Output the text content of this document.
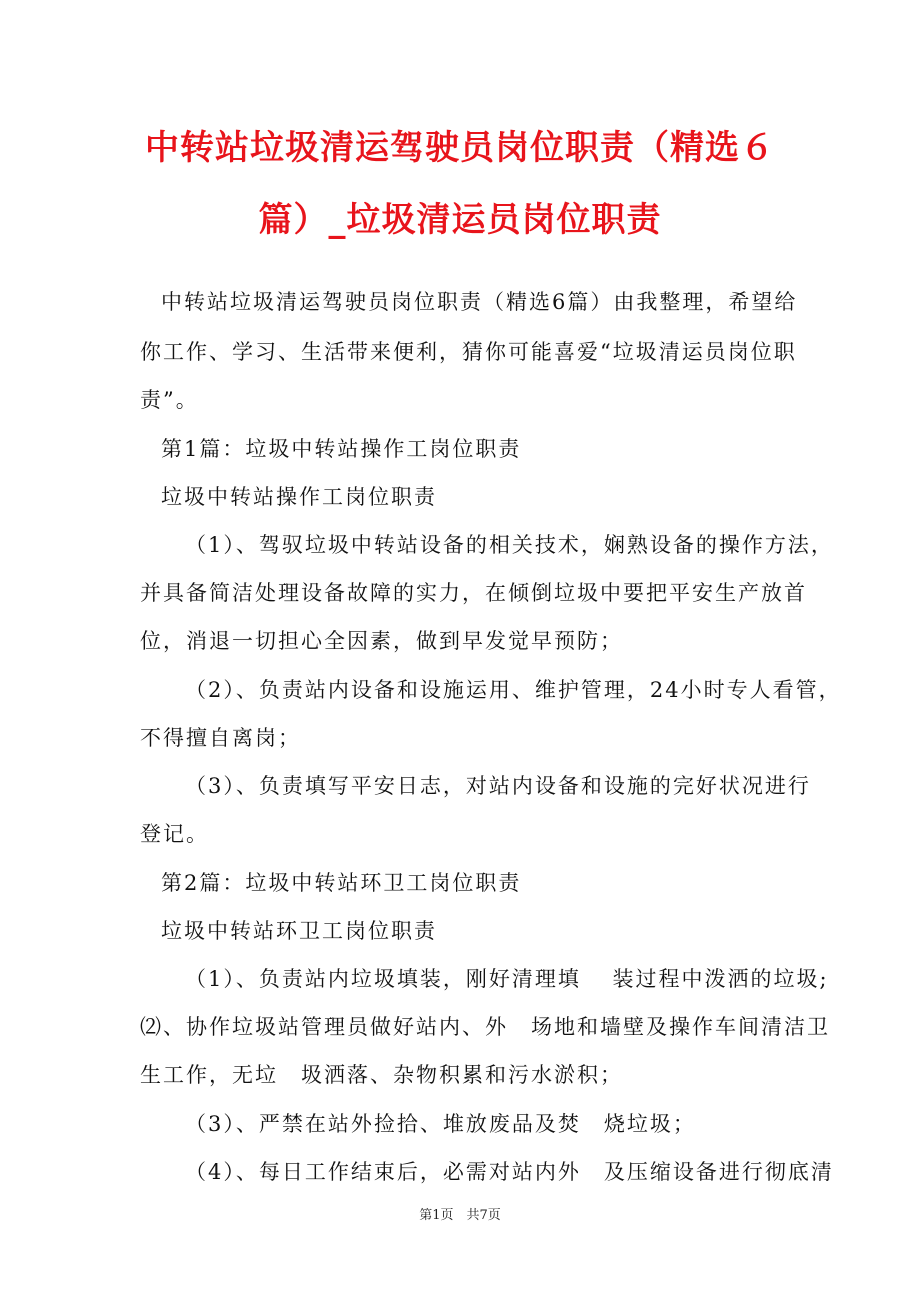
中转站垃圾清运驾驶员岗位职责（精选６
篇）_垃圾清运员岗位职责
中转站垃圾清运驾驶员岗位职责（精选6篇）由我整理，希望给
你工作、学习、生活带来便利，猜你可能喜爱“垃圾清运员岗位职
责”。
第1篇：垃圾中转站操作工岗位职责
垃圾中转站操作工岗位职责
（1）、驾驭垃圾中转站设备的相关技术，娴熟设备的操作方法，
并具备简洁处理设备故障的实力，在倾倒垃圾中要把平安生产放首
位，消退一切担心全因素，做到早发觉早预防；
（2）、负责站内设备和设施运用、维护管理，24小时专人看管，
不得擅自离岗；
（3）、负责填写平安日志，对站内设备和设施的完好状况进行
登记。
第2篇：垃圾中转站环卫工岗位职责
垃圾中转站环卫工岗位职责
（1）、负责站内垃圾填装，刚好清理填　 装过程中泼洒的垃圾;
⑵、协作垃圾站管理员做好站内、外　场地和墙壁及操作车间清洁卫
生工作，无垃　圾洒落、杂物积累和污水淤积；
（3）、严禁在站外捡拾、堆放废品及焚　烧垃圾；
（4）、每日工作结束后，必需对站内外　及压缩设备进行彻底清
第1页　共7页
